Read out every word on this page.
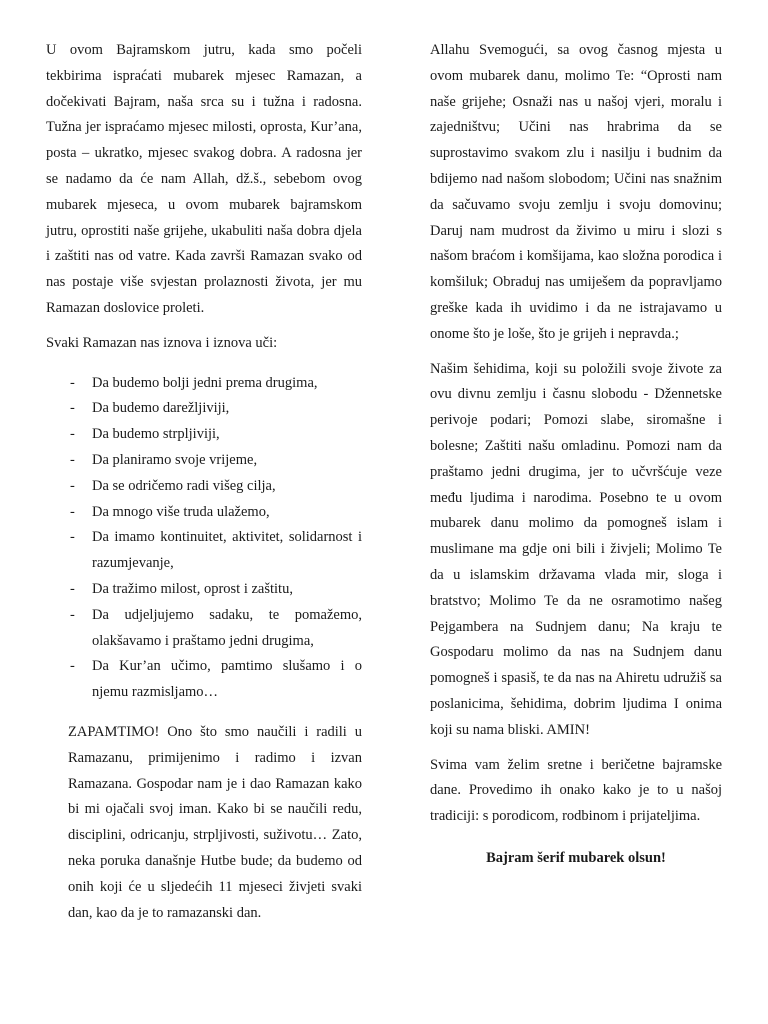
U ovom Bajramskom jutru, kada smo počeli tekbirima ispraćati mubarek mjesec Ramazan, a dočekivati Bajram, naša srca su i tužna i radosna. Tužna jer ispraćamo mjesec milosti, oprosta, Kur’ana, posta – ukratko, mjesec svakog dobra. A radosna jer se nadamo da će nam Allah, dž.š., sebebom ovog mubarek mjeseca, u ovom mubarek bajramskom jutru, oprostiti naše grijehe, ukabuliti naša dobra djela i zaštiti nas od vatre. Kada završi Ramazan svako od nas postaje više svjestan prolaznosti života, jer mu Ramazan doslovice proleti.

Svaki Ramazan nas iznova i iznova uči:

- Da budemo bolji jedni prema drugima,
- Da budemo darežljiviji,
- Da budemo strpljiviji,
- Da planiramo svoje vrijeme,
- Da se odričemo radi višeg cilja,
- Da mnogo više truda ulažemo,
- Da imamo kontinuitet, aktivitet, solidarnost i razumjevanje,
- Da tražimo milost, oprost i zaštitu,
- Da udjeljujemo sadaku, te pomažemo, olakšavamo i praštamo jedni drugima,
- Da Kur’an učimo, pamtimo slušamo i o njemu razmisljamo…

ZAPAMTIMO! Ono što smo naučili i radili u Ramazanu, primijenimo i radimo i izvan Ramazana. Gospodar nam je i dao Ramazan kako bi mi ojačali svoj iman. Kako bi se naučili redu, disciplini, odricanju, strpljivosti, suživotu… Zato, neka poruka današnje Hutbe bude; da budemo od onih koji će u sljedećih 11 mjeseci živjeti svaki dan, kao da je to ramazanski dan.

Allahu Svemogući, sa ovog časnog mjesta u ovom mubarek danu, molimo Te: “Oprosti nam naše grijehe; Osnaži nas u našoj vjeri, moralu i zajedništvu; Učini nas hrabrima da se suprostavimo svakom zlu i nasilju i budnim da bdijemo nad našom slobodom; Učini nas snažnim da sačuvamo svoju zemlju i svoju domovinu; Daruj nam mudrost da živimo u miru i slozi s našom braćom i komšijama, kao složna porodica i komšiluk; Obraduj nas umiješem da popravljamo greške kada ih uvidimo i da ne istrajavamo u onome što je loše, što je grijeh i nepravda.;

Našim šehidima, koji su položili svoje živote za ovu divnu zemlju i časnu slobodu - Džennetske perivoje podari; Pomozi slabe, siromašne i bolesne; Zaštiti našu omladinu. Pomozi nam da praštamo jedni drugima, jer to učvršćuje veze među ljudima i narodima. Posebno te u ovom mubarek danu molimo da pomogneš islam i muslimane ma gdje oni bili i živjeli; Molimo Te da u islamskim državama vlada mir, sloga i bratstvo; Molimo Te da ne osramotimo našeg Pejgambera na Sudnjem danu; Na kraju te Gospodaru molimo da nas na Sudnjem danu pomogneš i spasiš, te da nas na Ahiretu udružiš sa poslanicima, šehidima, dobrim ljudima I onima koji su nama bliski. AMIN!

Svima vam želim sretne i beričetne bajramske dane. Provedimo ih onako kako je to u našoj tradiciji: s porodicom, rodbinom i prijateljima.

Bajram šerif mubarek olsun!
